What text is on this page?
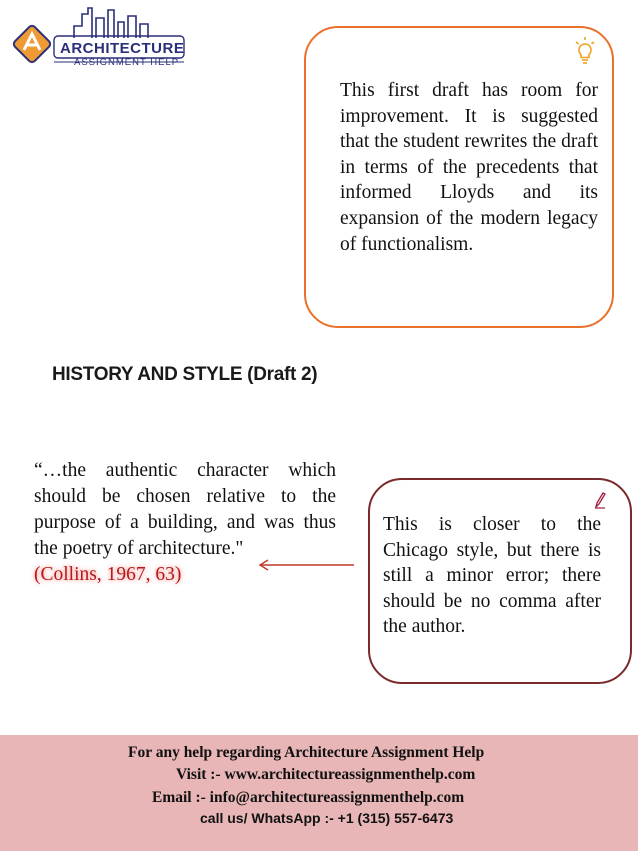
ARCHITECTURE
ASSIGNMENT HELP
This first draft has room for improvement. It is suggested that the student rewrites the draft in terms of the precedents that informed Lloyds and its expansion of the modern legacy of functionalism.
HISTORY AND STYLE (Draft 2)
“…the authentic character which should be chosen relative to the purpose of a building, and was thus the poetry of architecture."
(Collins, 1967, 63)
This is closer to the Chicago style, but there is still a minor error; there should be no comma after the author.
For any help regarding Architecture Assignment Help
Visit :- www.architectureassignmenthelp.com
Email :- info@architectureassignmenthelp.com
call us/ WhatsApp :- +1 (315) 557-6473
